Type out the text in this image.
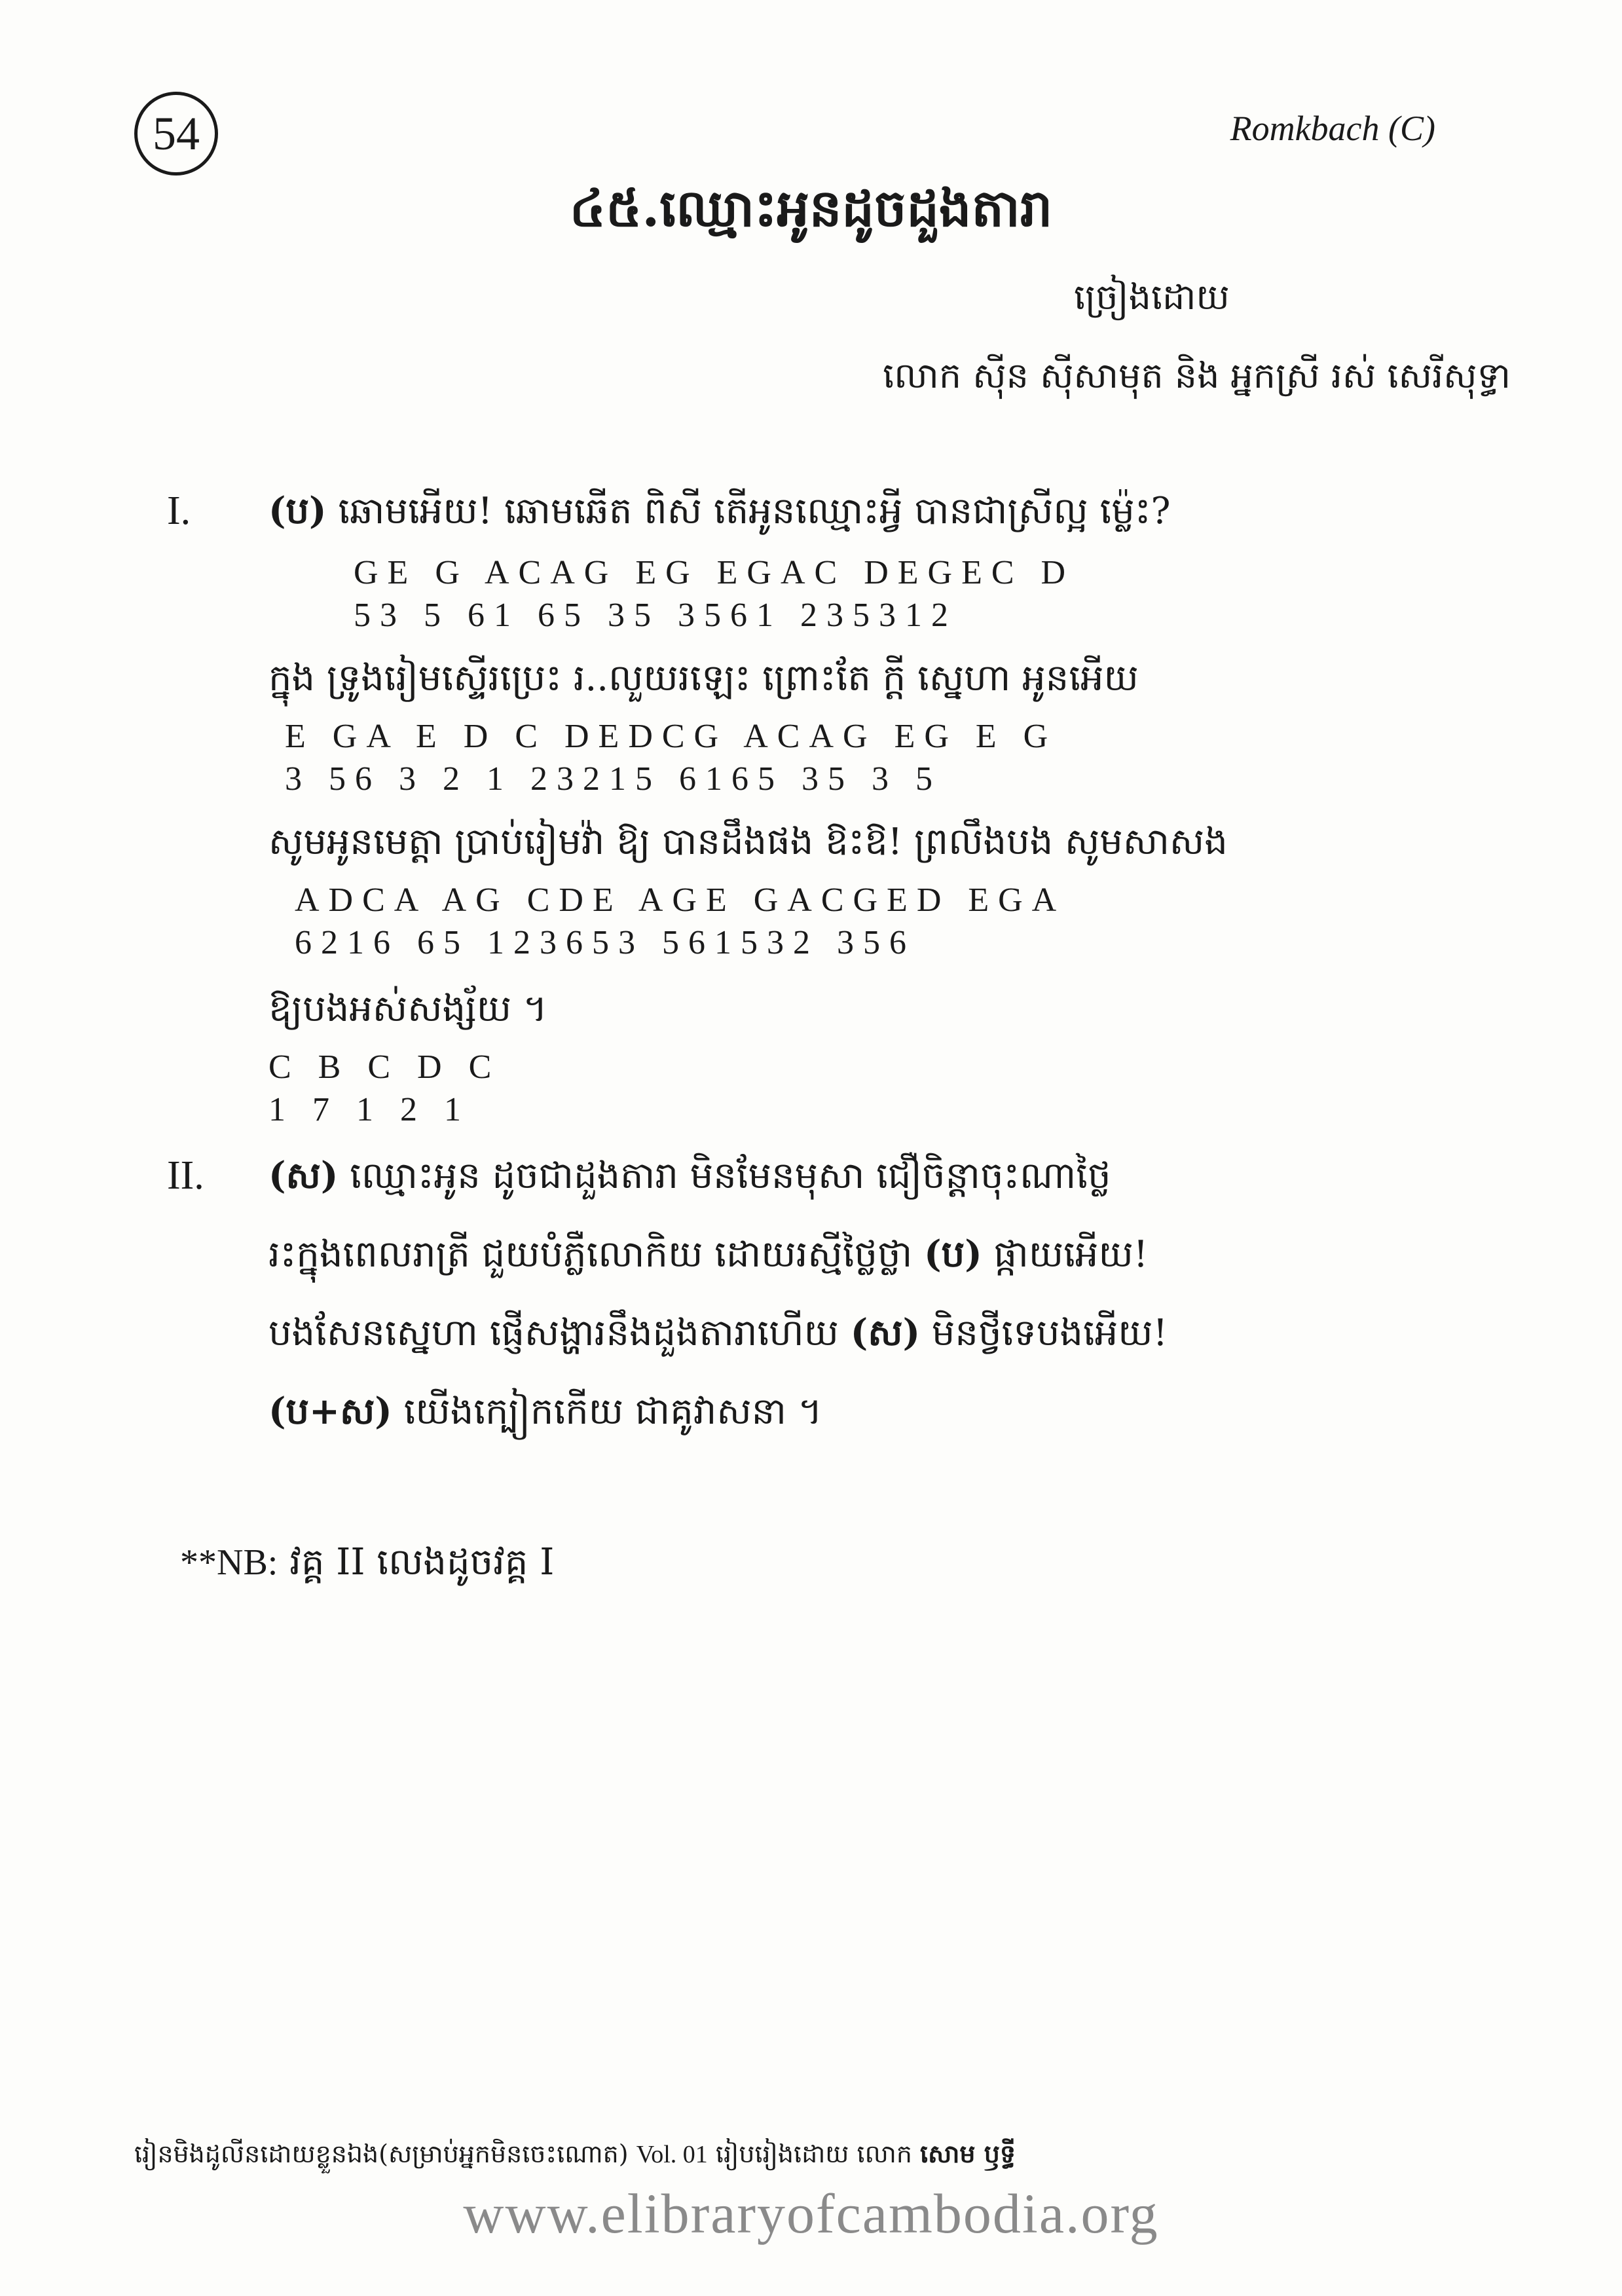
54	Romkbach (C)
៤៥.ឈ្មោះអូនដូចដួងតារា
ច្រៀងដោយ
លោក ស៊ីន ស៊ីសាមុត និង អ្នកស្រី រស់ សេរីសុទ្ធា
I. (ប) ឆោមអើយ! ឆោមឆើត ពិសី តើអូនឈ្មោះអ្វី បានជាស្រីល្អ ម្ល៉េះ?
GE G ACAG EG EGAC DEGEC D
53 5 61 65 35 3561 235312
ក្នុង ទ្រូងរៀមស្ទើរប្រេះ រ..លួយរឡេះ ព្រោះតែ ក្តី ស្នេហា អូនអើយ
E GA E D C DEDCG ACAG EG E G
3 56 3 2 1 23215 6165 35 3 5
សូមអូនមេត្តា ប្រាប់រៀមវ៉ា ឱ្យ បានដឹងផង ឱះឱ! ព្រលឹងបង សូមសាសង
ADCA AG CDE AGE GACGED EGA
6216 65 123653 561532 356
ឱ្យបងអស់សង្ស័យ ។
C B C D C
1 7 1 2 1
II. (ស) ឈ្មោះអូន ដូចជាដួងតារា មិនមែនមុសា ជឿចិន្តាចុះណាថ្លៃ
រះក្នុងពេលរាត្រី ជួយបំភ្លឺលោកិយ ដោយរស្មីថ្លៃថ្លា (ប) ផ្កាយអើយ!
បងសែនស្នេហា ផ្ញើសង្ហារនឹងដួងតារាហើយ (ស) មិនថ្វីទេបងអើយ!
(ប+ស) យើងក្បៀកកើយ ជាគូវាសនា ។
**NB: វគ្គ II លេងដូចវគ្គ I
រៀនមិងដូលីនដោយខ្លួនឯង(សម្រាប់អ្នកមិនចេះណោត) Vol. 01 រៀបរៀងដោយ លោក សោម ឫទ្ធី
www.elibraryofcambodia.org
